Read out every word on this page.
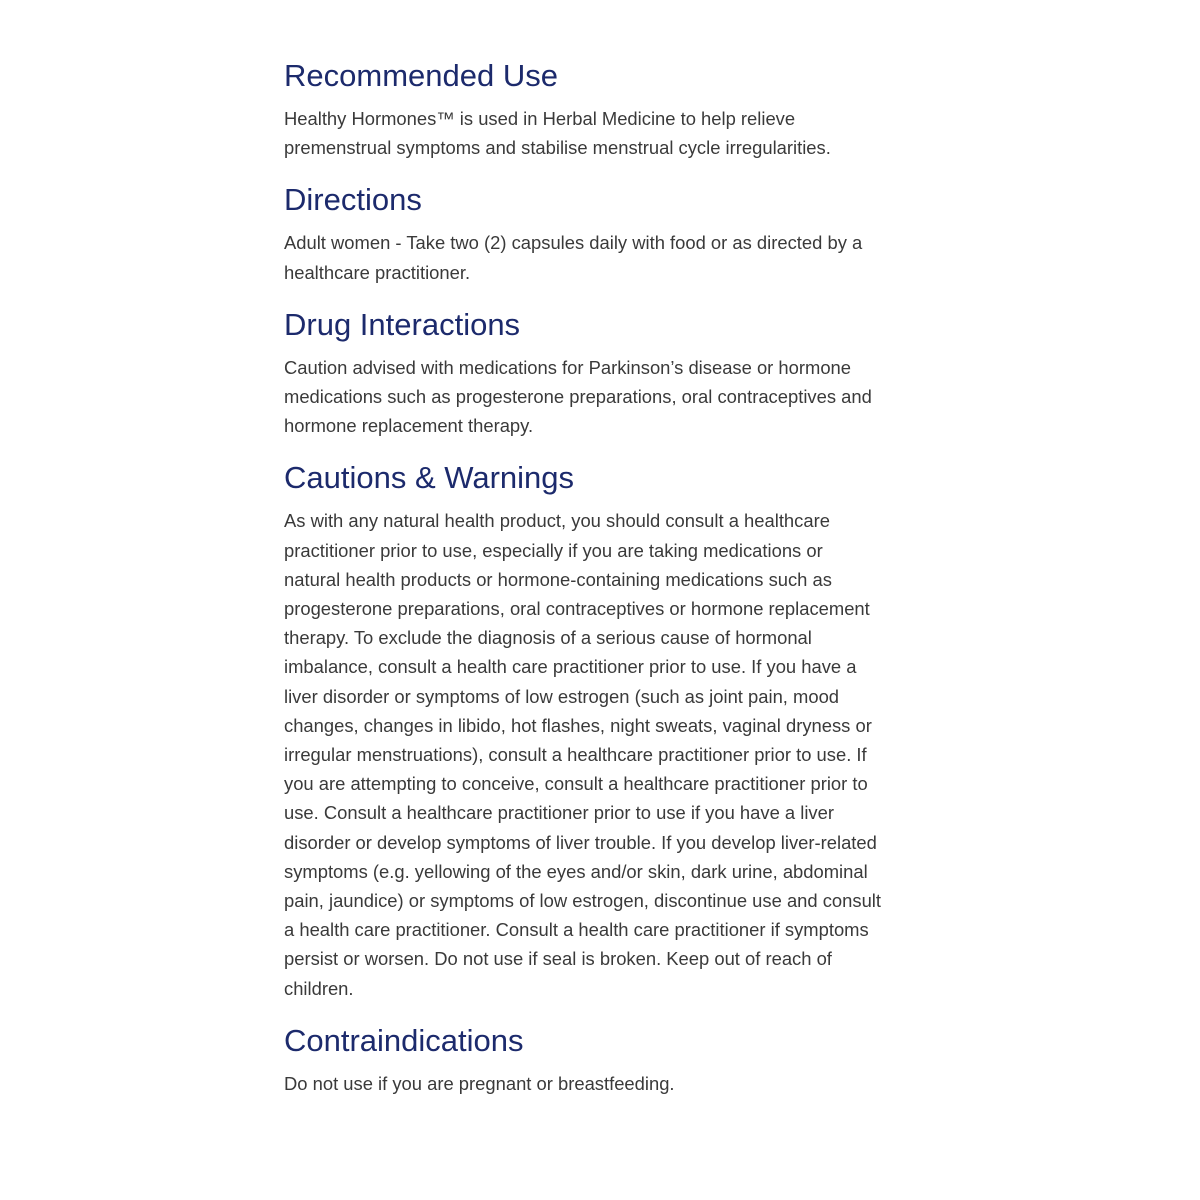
Recommended Use

Healthy Hormones™ is used in Herbal Medicine to help relieve
premenstrual symptoms and stabilise menstrual cycle irregularities.

Directions

Adult women - Take two (2) capsules daily with food or as directed by a
healthcare practitioner.

Drug Interactions

Caution advised with medications for Parkinson’s disease or hormone
medications such as progesterone preparations, oral contraceptives and
hormone replacement therapy.

Cautions & Warnings

As with any natural health product, you should consult a healthcare
practitioner prior to use, especially if you are taking medications or
natural health products or hormone-containing medications such as
progesterone preparations, oral contraceptives or hormone replacement
therapy. To exclude the diagnosis of a serious cause of hormonal
imbalance, consult a health care practitioner prior to use. If you have a
liver disorder or symptoms of low estrogen (such as joint pain, mood
changes, changes in libido, hot flashes, night sweats, vaginal dryness or
irregular menstruations), consult a healthcare practitioner prior to use. If
you are attempting to conceive, consult a healthcare practitioner prior to
use. Consult a healthcare practitioner prior to use if you have a liver
disorder or develop symptoms of liver trouble. If you develop liver-related
symptoms (e.g. yellowing of the eyes and/or skin, dark urine, abdominal
pain, jaundice) or symptoms of low estrogen, discontinue use and consult
a health care practitioner. Consult a health care practitioner if symptoms
persist or worsen. Do not use if seal is broken. Keep out of reach of
children.

Contraindications

Do not use if you are pregnant or breastfeeding.
